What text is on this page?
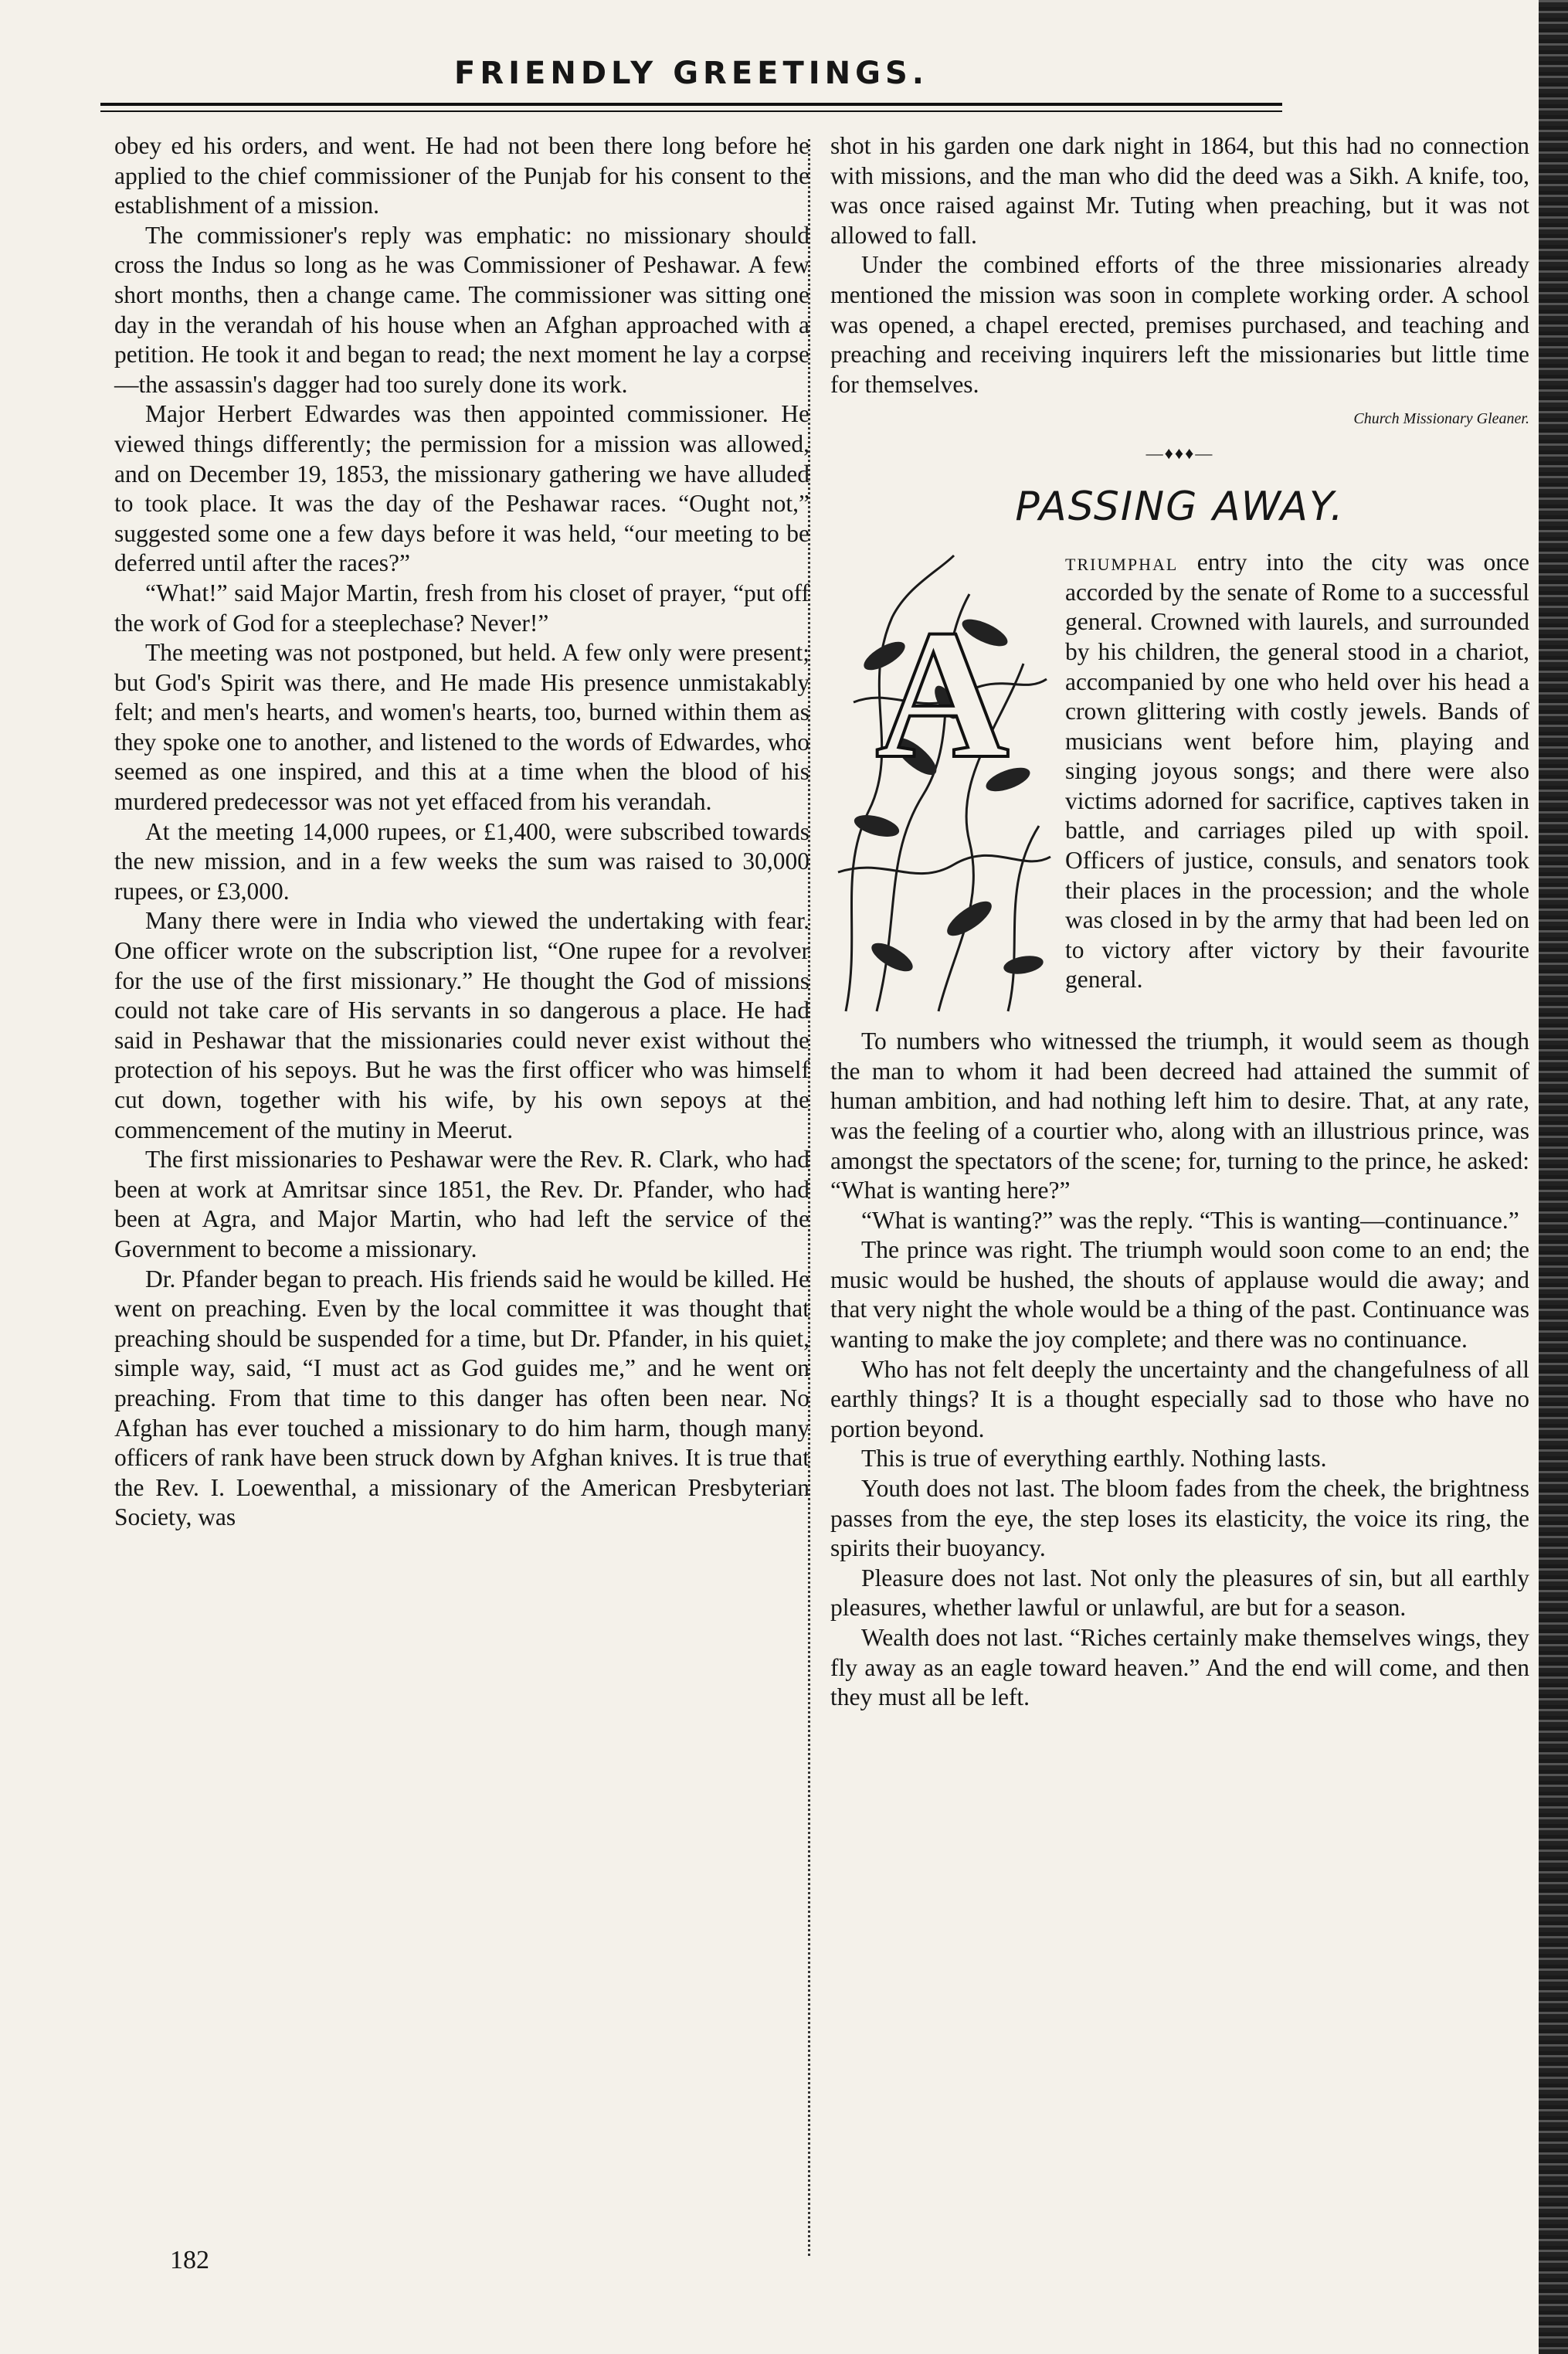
FRIENDLY GREETINGS.

obey ed his orders, and went. He had not been there long before he applied to the chief commissioner of the Punjab for his consent to the establishment of a mission.

The commissioner's reply was emphatic: no missionary should cross the Indus so long as he was Commissioner of Peshawar. A few short months, then a change came. The commissioner was sitting one day in the verandah of his house when an Afghan approached with a petition. He took it and began to read; the next moment he lay a corpse—the assassin's dagger had too surely done its work.

Major Herbert Edwardes was then appointed commissioner. He viewed things differently; the permission for a mission was allowed, and on December 19, 1853, the missionary gathering we have alluded to took place. It was the day of the Peshawar races. “Ought not,” suggested some one a few days before it was held, “our meeting to be deferred until after the races?”

“What!” said Major Martin, fresh from his closet of prayer, “put off the work of God for a steeplechase? Never!”

The meeting was not postponed, but held. A few only were present; but God's Spirit was there, and He made His presence unmistakably felt; and men's hearts, and women's hearts, too, burned within them as they spoke one to another, and listened to the words of Edwardes, who seemed as one inspired, and this at a time when the blood of his murdered predecessor was not yet effaced from his verandah.

At the meeting 14,000 rupees, or £1,400, were subscribed towards the new mission, and in a few weeks the sum was raised to 30,000 rupees, or £3,000.

Many there were in India who viewed the undertaking with fear. One officer wrote on the subscription list, “One rupee for a revolver for the use of the first missionary.” He thought the God of missions could not take care of His servants in so dangerous a place. He had said in Peshawar that the missionaries could never exist without the protection of his sepoys. But he was the first officer who was himself cut down, together with his wife, by his own sepoys at the commencement of the mutiny in Meerut.

The first missionaries to Peshawar were the Rev. R. Clark, who had been at work at Amritsar since 1851, the Rev. Dr. Pfander, who had been at Agra, and Major Martin, who had left the service of the Government to become a missionary.

Dr. Pfander began to preach. His friends said he would be killed. He went on preaching. Even by the local committee it was thought that preaching should be suspended for a time, but Dr. Pfander, in his quiet, simple way, said, “I must act as God guides me,” and he went on preaching. From that time to this danger has often been near. No Afghan has ever touched a missionary to do him harm, though many officers of rank have been struck down by Afghan knives. It is true that the Rev. I. Loewenthal, a missionary of the American Presbyterian Society, was

shot in his garden one dark night in 1864, but this had no connection with missions, and the man who did the deed was a Sikh. A knife, too, was once raised against Mr. Tuting when preaching, but it was not allowed to fall.

Under the combined efforts of the three missionaries already mentioned the mission was soon in complete working order. A school was opened, a chapel erected, premises purchased, and teaching and preaching and receiving inquirers left the missionaries but little time for themselves.

Church Missionary Gleaner.
—♦♦♦—
PASSING AWAY.
A

triumphal entry into the city was once accorded by the senate of Rome to a successful general. Crowned with laurels, and surrounded by his children, the general stood in a chariot, accompanied by one who held over his head a crown glittering with costly jewels. Bands of musicians went before him, playing and singing joyous songs; and there were also victims adorned for sacrifice, captives taken in battle, and carriages piled up with spoil. Officers of justice, consuls, and senators took their places in the procession; and the whole was closed in by the army that had been led on to victory after victory by their favourite general.

To numbers who witnessed the triumph, it would seem as though the man to whom it had been decreed had attained the summit of human ambition, and had nothing left him to desire. That, at any rate, was the feeling of a courtier who, along with an illustrious prince, was amongst the spectators of the scene; for, turning to the prince, he asked: “What is wanting here?”

“What is wanting?” was the reply. “This is wanting—continuance.”

The prince was right. The triumph would soon come to an end; the music would be hushed, the shouts of applause would die away; and that very night the whole would be a thing of the past. Continuance was wanting to make the joy complete; and there was no continuance.

Who has not felt deeply the uncertainty and the changefulness of all earthly things? It is a thought especially sad to those who have no portion beyond.

This is true of everything earthly. Nothing lasts.

Youth does not last. The bloom fades from the cheek, the brightness passes from the eye, the step loses its elasticity, the voice its ring, the spirits their buoyancy.

Pleasure does not last. Not only the pleasures of sin, but all earthly pleasures, whether lawful or unlawful, are but for a season.

Wealth does not last. “Riches certainly make themselves wings, they fly away as an eagle toward heaven.” And the end will come, and then they must all be left.

182
